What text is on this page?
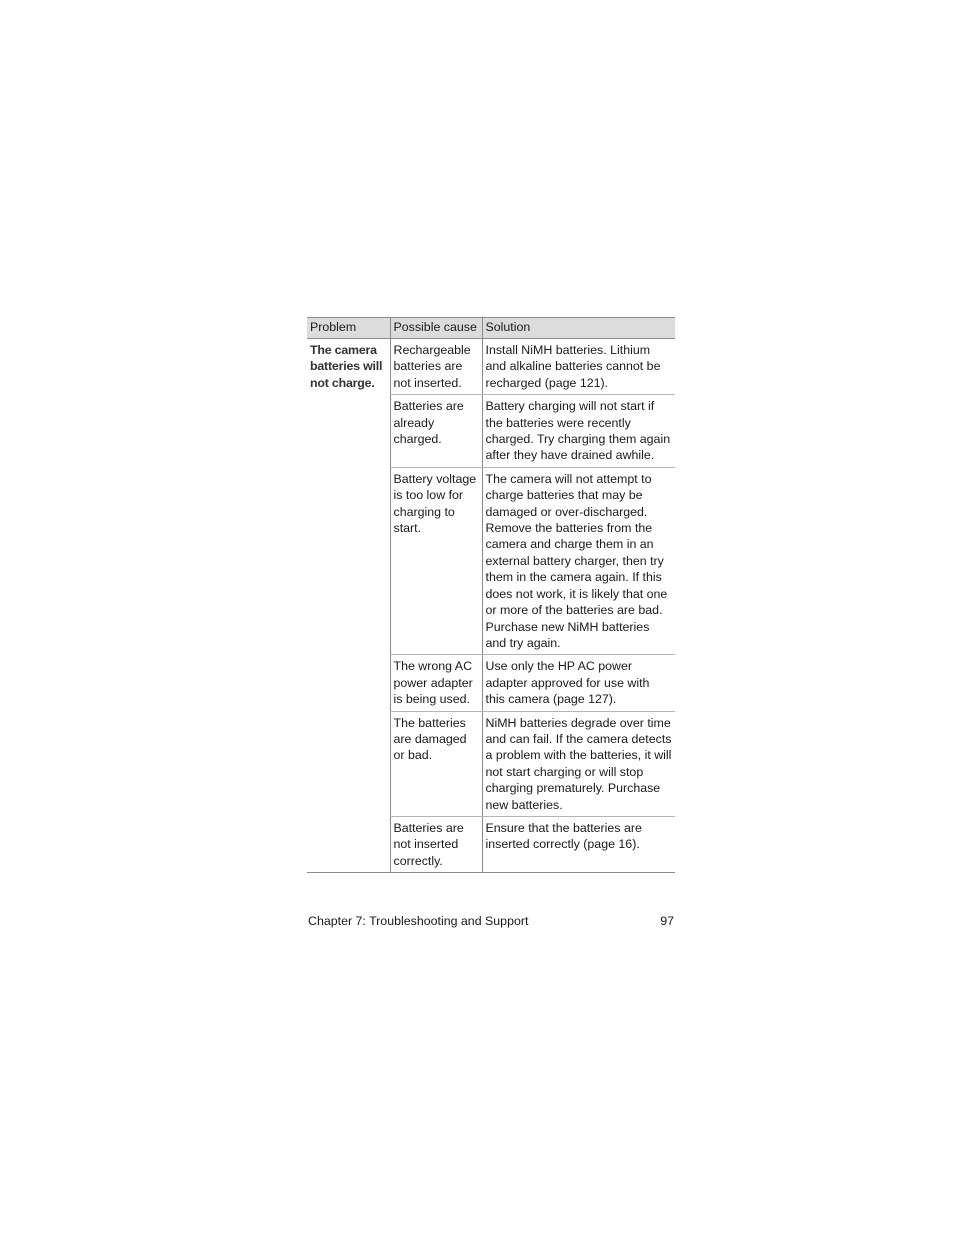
Problem	Possible cause	Solution
The camera batteries will not charge.	Rechargeable batteries are not inserted.	Install NiMH batteries. Lithium and alkaline batteries cannot be recharged (page 121).
	Batteries are already charged.	Battery charging will not start if the batteries were recently charged. Try charging them again after they have drained awhile.
	Battery voltage is too low for charging to start.	The camera will not attempt to charge batteries that may be damaged or over-discharged. Remove the batteries from the camera and charge them in an external battery charger, then try them in the camera again. If this does not work, it is likely that one or more of the batteries are bad. Purchase new NiMH batteries and try again.
	The wrong AC power adapter is being used.	Use only the HP AC power adapter approved for use with this camera (page 127).
	The batteries are damaged or bad.	NiMH batteries degrade over time and can fail. If the camera detects a problem with the batteries, it will not start charging or will stop charging prematurely. Purchase new batteries.
	Batteries are not inserted correctly.	Ensure that the batteries are inserted correctly (page 16).
Chapter 7: Troubleshooting and Support	97
